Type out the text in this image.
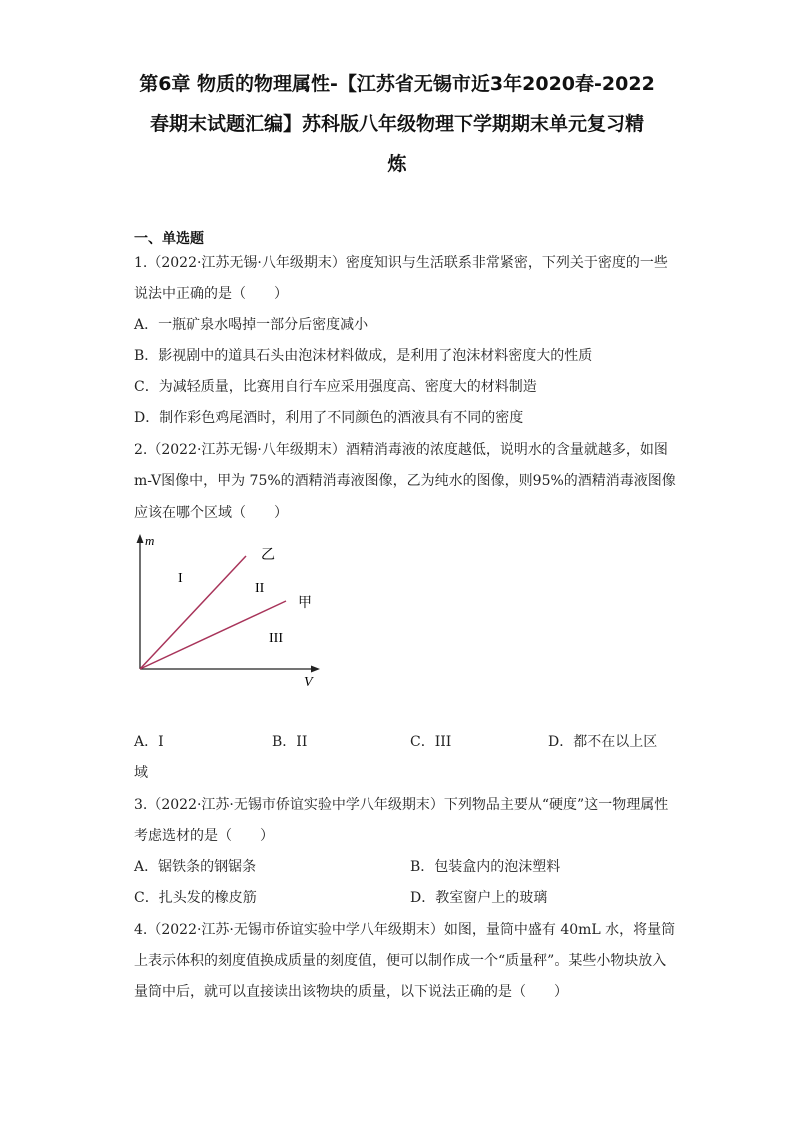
第6章 物质的物理属性-【江苏省无锡市近3年2020春-2022
春期末试题汇编】苏科版八年级物理下学期期末单元复习精
炼
一、单选题
1.（2022·江苏无锡·八年级期末）密度知识与生活联系非常紧密，下列关于密度的一些
说法中正确的是（　　）
A．一瓶矿泉水喝掉一部分后密度减小
B．影视剧中的道具石头由泡沫材料做成，是利用了泡沫材料密度大的性质
C．为减轻质量，比赛用自行车应采用强度高、密度大的材料制造
D．制作彩色鸡尾酒时，利用了不同颜色的酒液具有不同的密度
2.（2022·江苏无锡·八年级期末）酒精消毒液的浓度越低，说明水的含量就越多，如图
m-V图像中，甲为 75%的酒精消毒液图像，乙为纯水的图像，则95%的酒精消毒液图像
应该在哪个区域（　　）
m
V
乙
甲
I
II
III
A．I	B．II	C．III	D．都不在以上区
域
3.（2022·江苏·无锡市侨谊实验中学八年级期末）下列物品主要从“硬度”这一物理属性
考虑选材的是（　　）
A．锯铁条的钢锯条	B．包装盒内的泡沫塑料
C．扎头发的橡皮筋	D．教室窗户上的玻璃
4.（2022·江苏·无锡市侨谊实验中学八年级期末）如图，量筒中盛有 40mL 水，将量筒
上表示体积的刻度值换成质量的刻度值，便可以制作成一个“质量秤”。某些小物块放入
量筒中后，就可以直接读出该物块的质量，以下说法正确的是（　　）
